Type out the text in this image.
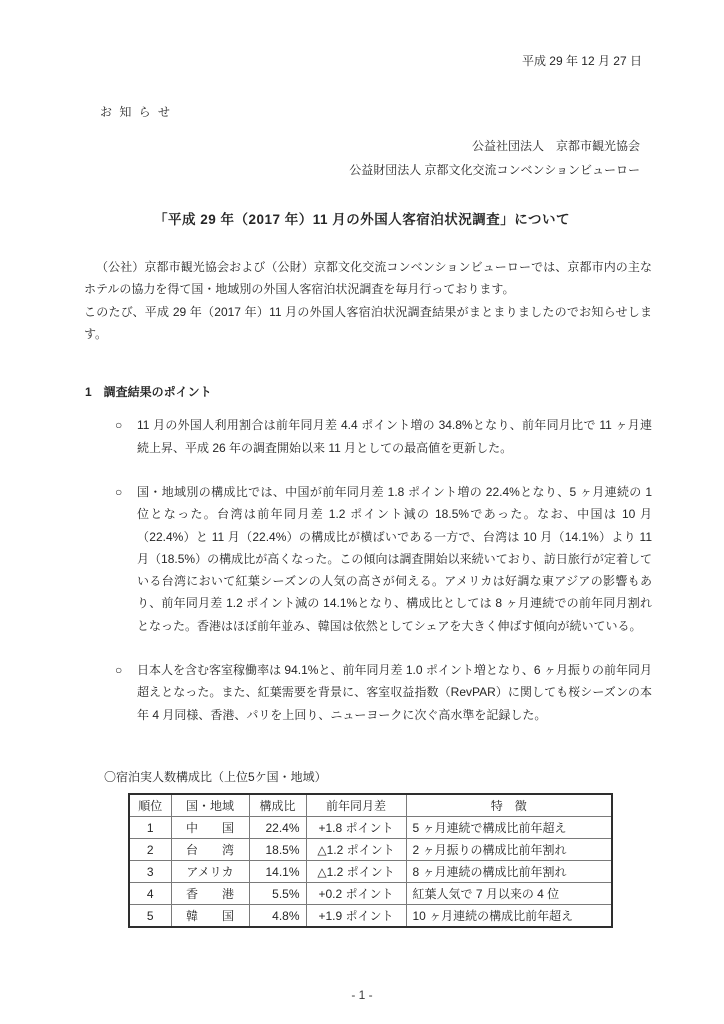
平成 29 年 12 月 27 日
お 知 ら せ
公益社団法人　京都市観光協会
公益財団法人 京都文化交流コンベンションビューロー
「平成 29 年（2017 年）11 月の外国人客宿泊状況調査」について

（公社）京都市観光協会および（公財）京都文化交流コンベンションビューローでは、京都市内の主なホテルの協力を得て国・地域別の外国人客宿泊状況調査を毎月行っております。

このたび、平成 29 年（2017 年）11 月の外国人客宿泊状況調査結果がまとまりましたのでお知らせします。

1　調査結果のポイント
○	11 月の外国人利用割合は前年同月差 4.4 ポイント増の 34.8%となり、前年同月比で 11 ヶ月連続上昇、平成 26 年の調査開始以来 11 月としての最高値を更新した。
○	国・地域別の構成比では、中国が前年同月差 1.8 ポイント増の 22.4%となり、5 ヶ月連続の 1 位となった。台湾は前年同月差 1.2 ポイント減の 18.5%であった。なお、中国は 10 月（22.4%）と 11 月（22.4%）の構成比が横ばいである一方で、台湾は 10 月（14.1%）より 11 月（18.5%）の構成比が高くなった。この傾向は調査開始以来続いており、訪日旅行が定着している台湾において紅葉シーズンの人気の高さが伺える。アメリカは好調な東アジアの影響もあり、前年同月差 1.2 ポイント減の 14.1%となり、構成比としては 8 ヶ月連続での前年同月割れとなった。香港はほぼ前年並み、韓国は依然としてシェアを大きく伸ばす傾向が続いている。
○	日本人を含む客室稼働率は 94.1%と、前年同月差 1.0 ポイント増となり、6 ヶ月振りの前年同月超えとなった。また、紅葉需要を背景に、客室収益指数（RevPAR）に関しても桜シーズンの本年 4 月同様、香港、パリを上回り、ニューヨークに次ぐ高水準を記録した。
〇宿泊実人数構成比（上位5ケ国・地域）
順位	国・地域	構成比	前年同月差	特　徴
1	中　　国	22.4%	+1.8 ポイント	5 ヶ月連続で構成比前年超え
2	台　　湾	18.5%	△1.2 ポイント	2 ヶ月振りの構成比前年割れ
3	アメリカ	14.1%	△1.2 ポイント	8 ヶ月連続の構成比前年割れ
4	香　　港	5.5%	+0.2 ポイント	紅葉人気で 7 月以来の 4 位
5	韓　　国	4.8%	+1.9 ポイント	10 ヶ月連続の構成比前年超え
- 1 -
